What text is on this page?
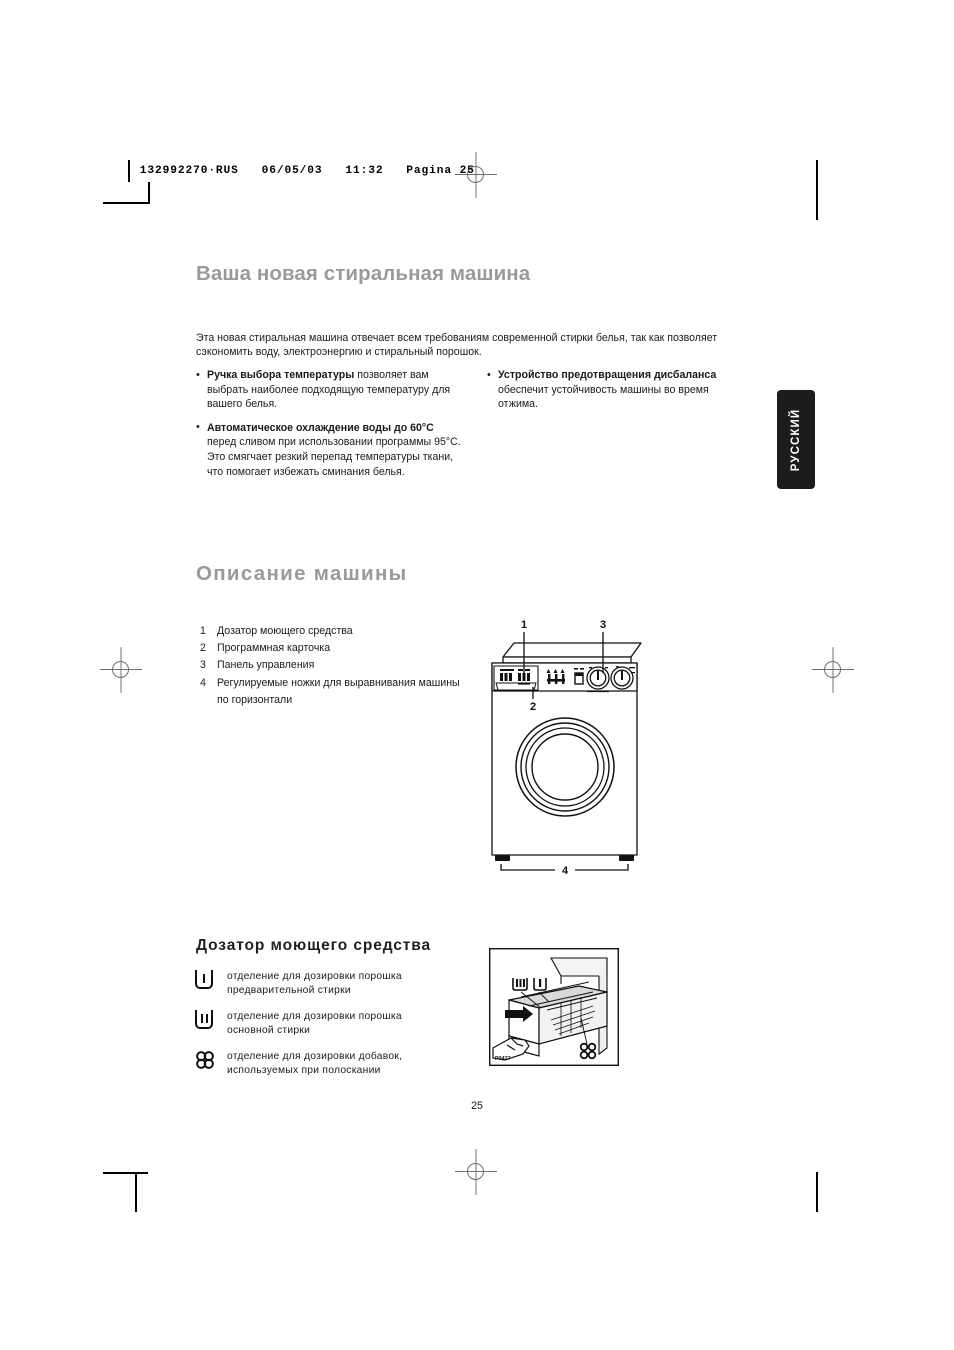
132992270·RUS   06/05/03   11:32   Pagina 25
РУССКИЙ
Ваша новая стиральная машина

Эта новая стиральная машина отвечает всем требованиям современной стирки белья, так как позволяет сэкономить воду, электроэнергию и стиральный порошок.

• Ручка выбора температуры позволяет вам выбрать наиболее подходящую температуру для вашего белья.
• Автоматическое охлаждение воды до 60°C перед сливом при использовании программы 95°C. Это смягчает резкий перепад температуры ткани, что помогает избежать сминания белья.
• Устройство предотвращения дисбаланса обеспечит устойчивость машины во время отжима.
Описание машины
1	Дозатор моющего средства
2	Программная карточка
3	Панель управления
4	Регулируемые ножки для выравнивания машины по горизонтали
1	3
2
4
Дозатор моющего средства
отделение для дозировки порошка предварительной стирки
отделение для дозировки порошка основной стирки
отделение для дозировки добавок, используемых при полоскании
P0427
25
